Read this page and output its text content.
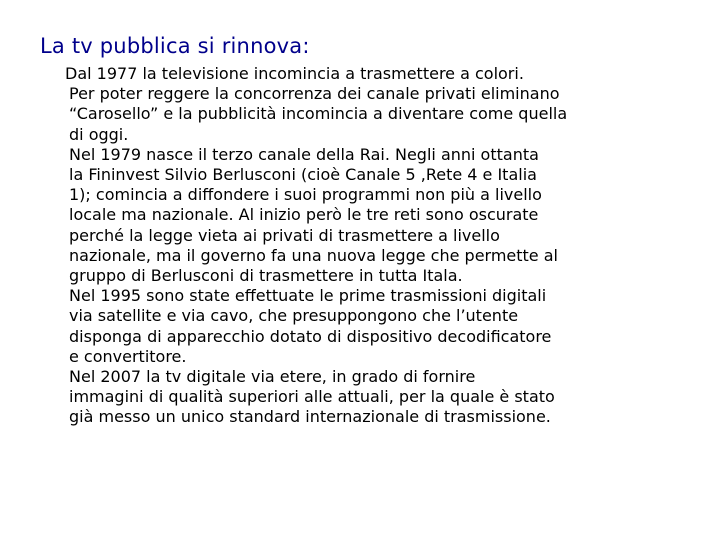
La tv pubblica si rinnova:
Dal 1977 la televisione incomincia a trasmettere a colori.
Per poter reggere la concorrenza dei canale privati eliminano
“Carosello” e la pubblicità incomincia a diventare come quella
di oggi.
Nel 1979 nasce il terzo canale della Rai. Negli anni ottanta
la Fininvest Silvio Berlusconi (cioè Canale 5 ,Rete 4 e Italia
1); comincia a diffondere i suoi programmi non più a livello
locale ma nazionale. Al inizio però le tre reti sono oscurate
perché la legge vieta ai privati di trasmettere a livello
nazionale, ma il governo fa una nuova legge che permette al
gruppo di Berlusconi di trasmettere in tutta Itala.
Nel 1995 sono state effettuate le prime trasmissioni digitali
via satellite e via cavo, che presuppongono che l’utente
disponga di apparecchio dotato di dispositivo decodificatore
e convertitore.
Nel 2007 la tv digitale via etere, in grado di fornire
immagini di qualità superiori alle attuali, per la quale è stato
già messo un unico standard internazionale di trasmissione.
